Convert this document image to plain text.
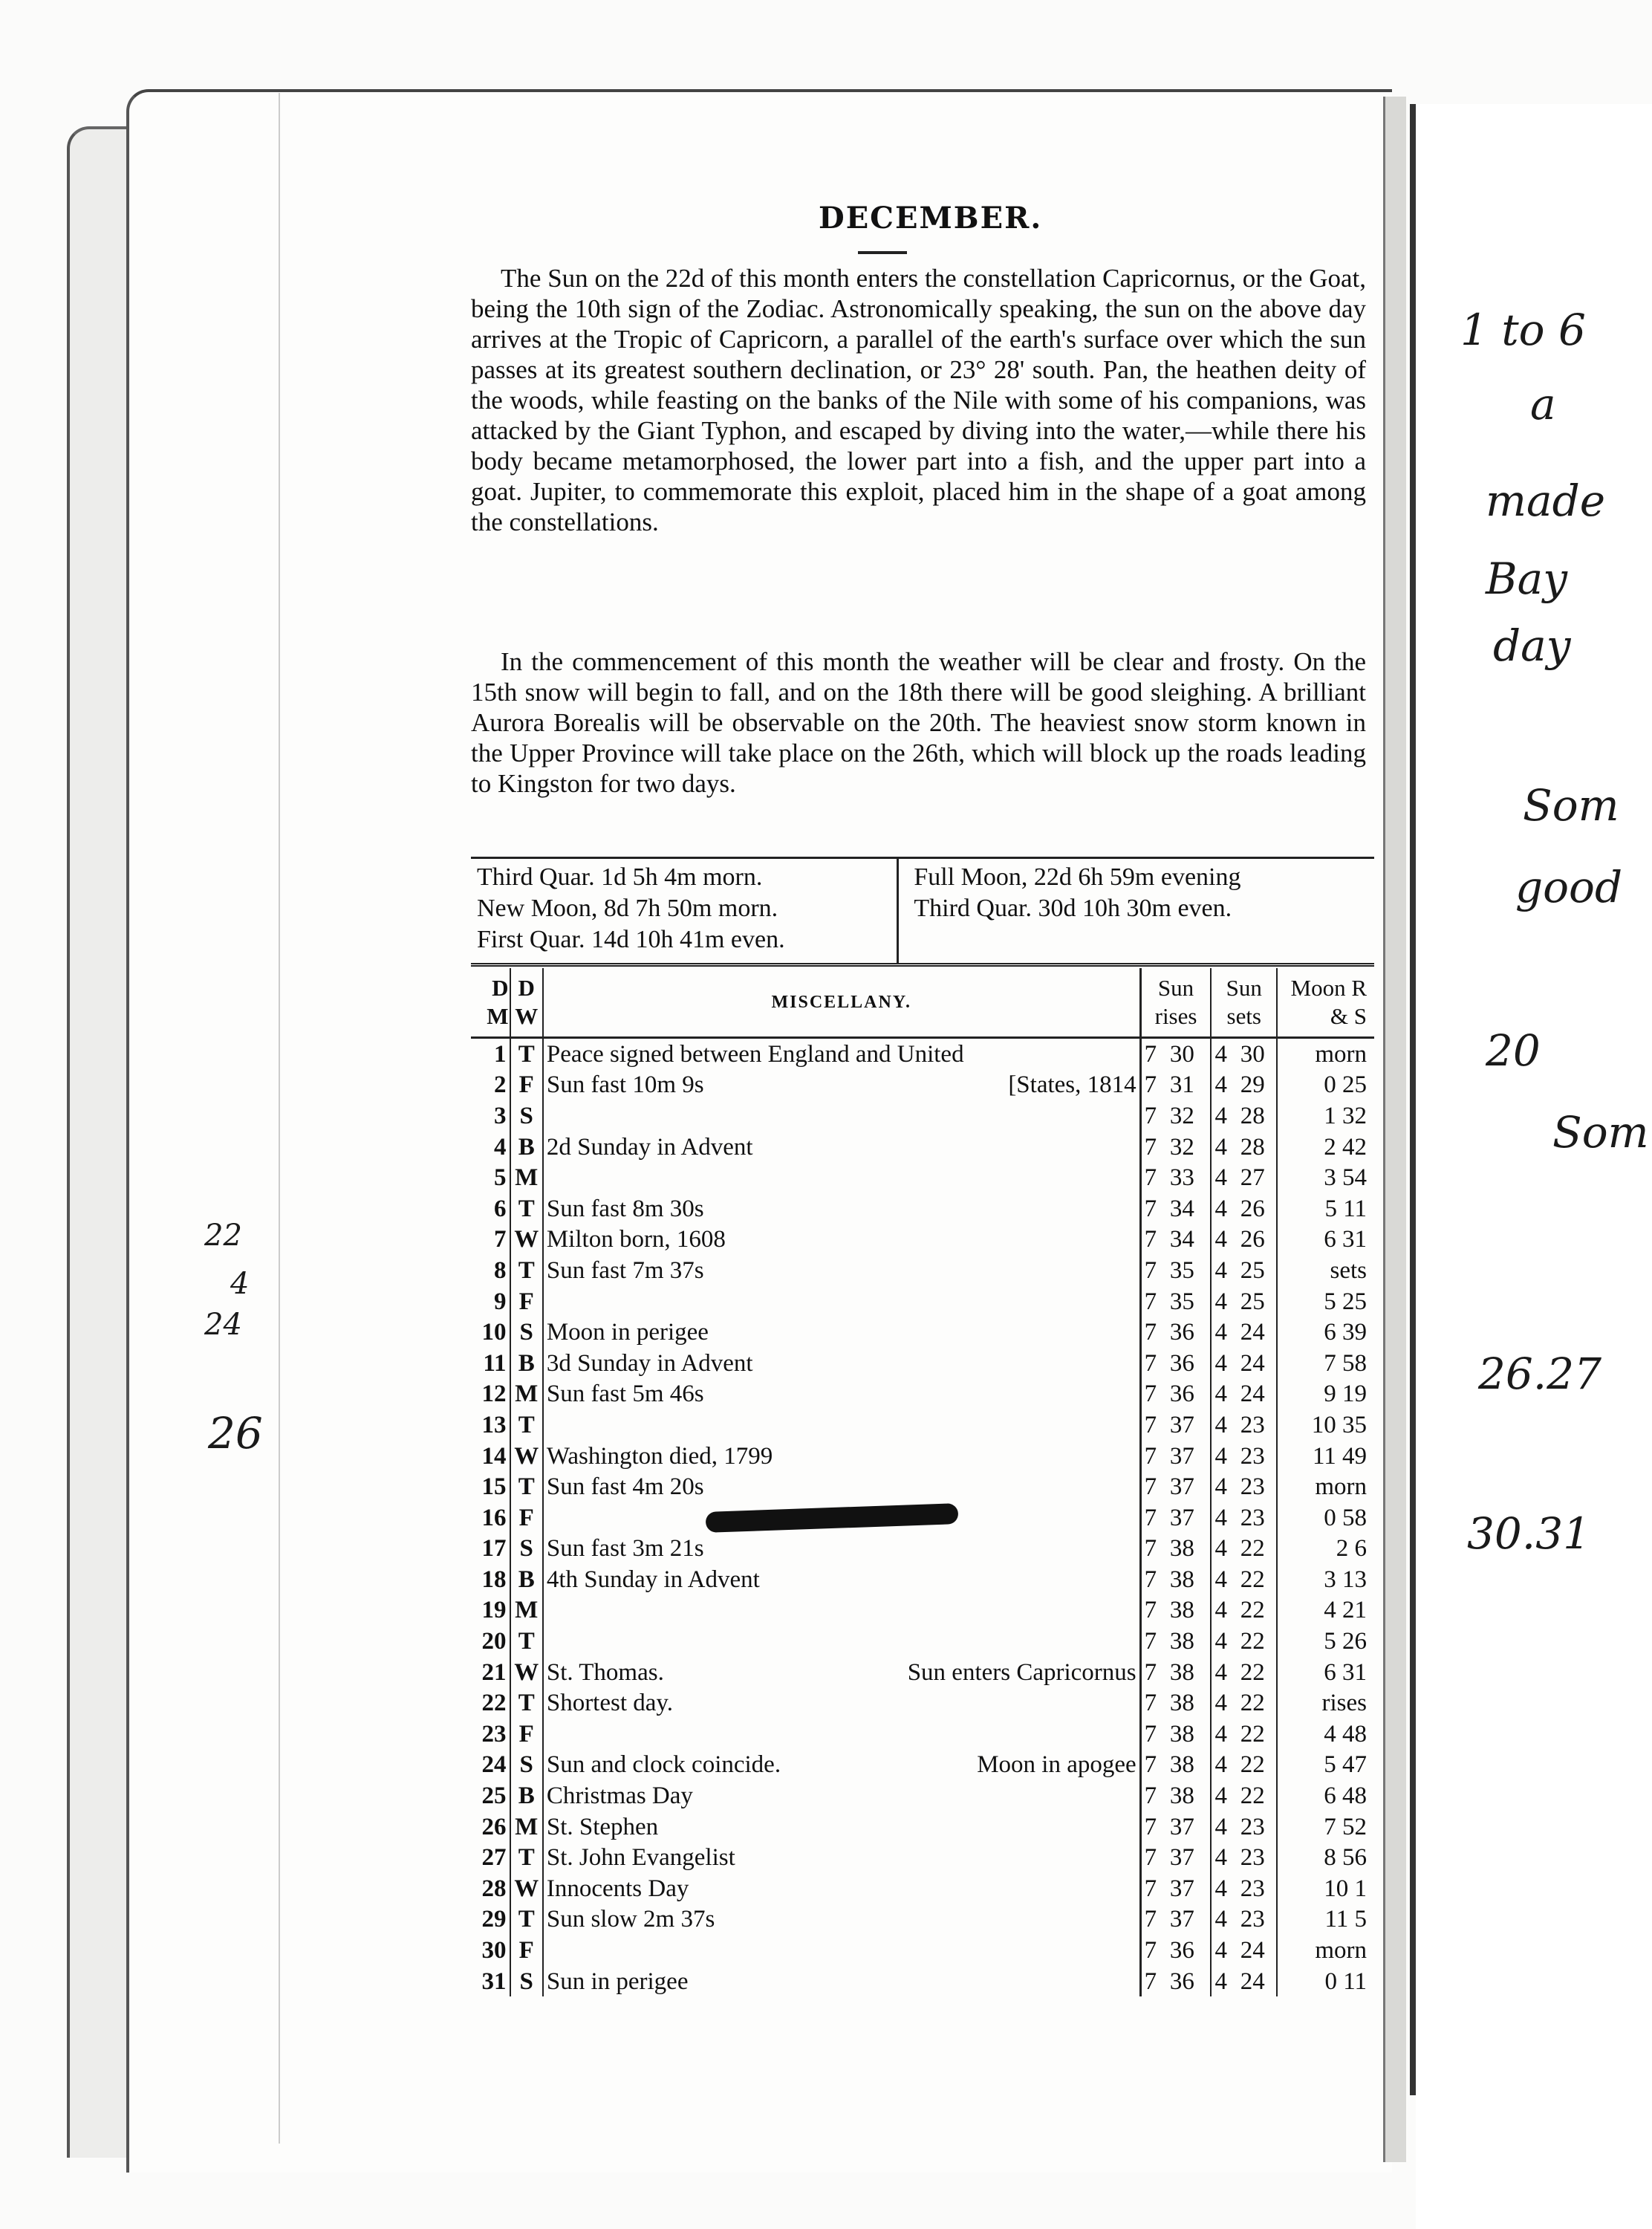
DECEMBER.
The Sun on the 22d of this month enters the constellation Capricornus, or the Goat, being the 10th sign of the Zodiac. Astronomically speaking, the sun on the above day arrives at the Tropic of Capricorn, a parallel of the earth's surface over which the sun passes at its greatest southern declination, or 23° 28' south. Pan, the heathen deity of the woods, while feasting on the banks of the Nile with some of his companions, was attacked by the Giant Typhon, and escaped by diving into the water,—while there his body became metamorphosed, the lower part into a fish, and the upper part into a goat. Jupiter, to commemorate this exploit, placed him in the shape of a goat among the constellations.
In the commencement of this month the weather will be clear and frosty. On the 15th snow will begin to fall, and on the 18th there will be good sleighing. A brilliant Aurora Borealis will be observable on the 20th. The heaviest snow storm known in the Upper Province will take place on the 26th, which will block up the roads leading to Kingston for two days.
Third Quar. 1d 5h 4m morn.
New Moon, 8d 7h 50m morn.
First Quar. 14d 10h 41m even.
Full Moon, 22d 6h 59m evening
Third Quar. 30d 10h 30m even.
D M	D W	MISCELLANY.	Sun rises	Sun sets	Moon R & S
1	T	Peace signed between England and United	7 30	4 30	morn
2	F	Sun fast 10m 9s [States, 1814	7 31	4 29	0 25
3	S		7 32	4 28	1 32
4	B	2d Sunday in Advent	7 32	4 28	2 42
5	M		7 33	4 27	3 54
6	T	Sun fast 8m 30s	7 34	4 26	5 11
7	W	Milton born, 1608	7 34	4 26	6 31
8	T	Sun fast 7m 37s	7 35	4 25	sets
9	F		7 35	4 25	5 25
10	S	Moon in perigee	7 36	4 24	6 39
11	B	3d Sunday in Advent	7 36	4 24	7 58
12	M	Sun fast 5m 46s	7 36	4 24	9 19
13	T		7 37	4 23	10 35
14	W	Washington died, 1799	7 37	4 23	11 49
15	T	Sun fast 4m 20s	7 37	4 23	morn
16	F		7 37	4 23	0 58
17	S	Sun fast 3m 21s	7 38	4 22	2 6
18	B	4th Sunday in Advent	7 38	4 22	3 13
19	M		7 38	4 22	4 21
20	T		7 38	4 22	5 26
21	W	St. Thomas. Sun enters Capricornus	7 38	4 22	6 31
22	T	Shortest day.	7 38	4 22	rises
23	F		7 38	4 22	4 48
24	S	Sun and clock coincide. Moon in apogee	7 38	4 22	5 47
25	B	Christmas Day	7 38	4 22	6 48
26	M	St. Stephen	7 37	4 23	7 52
27	T	St. John Evangelist	7 37	4 23	8 56
28	W	Innocents Day	7 37	4 23	10 1
29	T	Sun slow 2m 37s	7 37	4 23	11 5
30	F		7 36	4 24	morn
31	S	Sun in perigee	7 36	4 24	0 11
1 to 6
a
made
Bay
day
Som
good
20
Som
26.27
30.31
22
4
24
26
